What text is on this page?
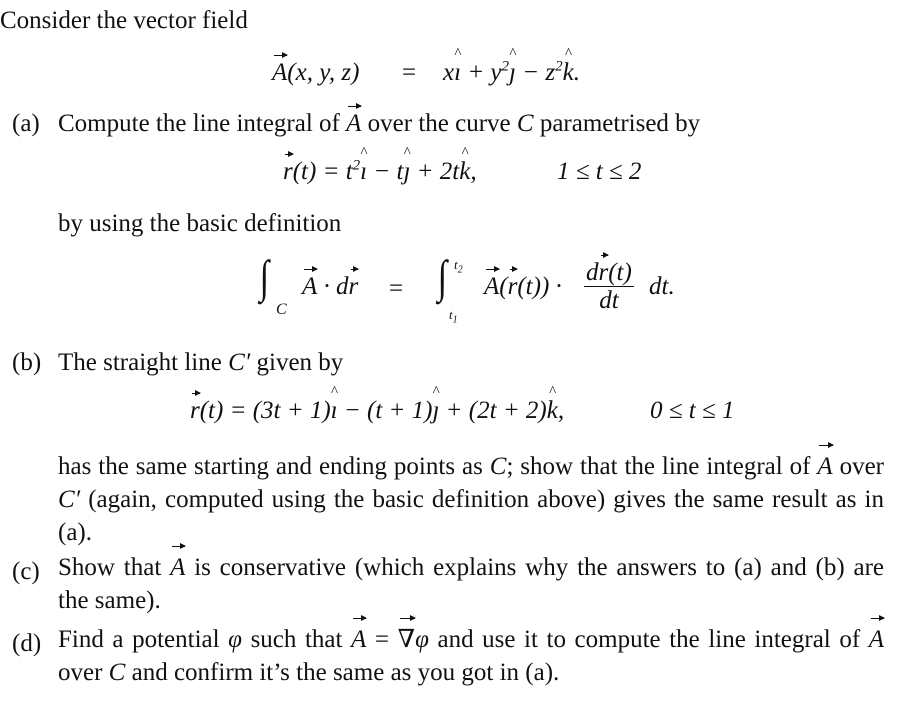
Consider the vector field
A(x, y, z) = xı ^ + $y^2ȷ$ ^ − $z^2k$ ^.
(a) Compute the line integral of A over the curve C parametrised by
$r(t) = t^2ı$ ^ − tȷ ^ + 2tk ^,	1 ≤ t ≤ 2
by using the basic definition
∫
C
A · dr = ∫ $t_2$
$t_1$
$A(r(t)) \cdot \frac{dr(t)}{dt}$ dt.
(b) The straight line C′ given by
r(t) = (3t + 1)ı ^ − (t + 1)ȷ ^ + (2t + 2)k ^,	0 ≤ t ≤ 1
has the same starting and ending points as C; show that the line integral of A over C′ (again, computed using the basic definition above) gives the same result as in (a).
(c) Show that A is conservative (which explains why the answers to (a) and (b) are the same).
(d) Find a potential φ such that A = ∇φ and use it to compute the line integral of A over C and confirm it’s the same as you got in (a).
